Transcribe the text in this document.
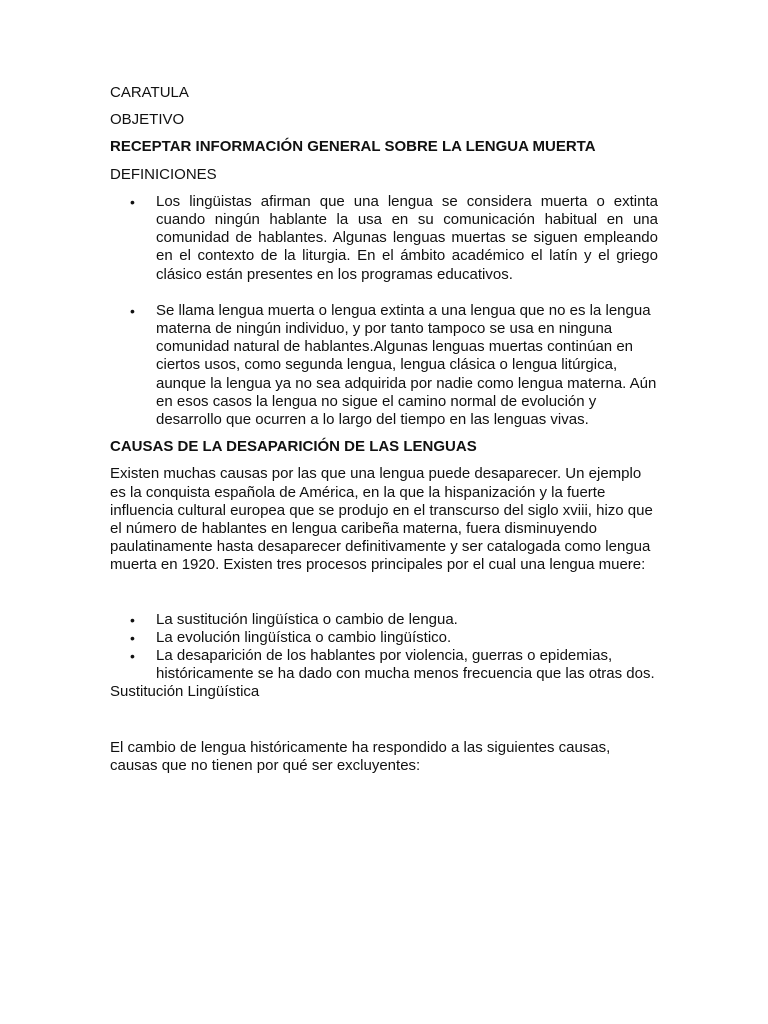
CARATULA

OBJETIVO

RECEPTAR INFORMACIÓN GENERAL SOBRE LA LENGUA MUERTA

DEFINICIONES

• Los lingüistas afirman que una lengua se considera muerta o extinta cuando ningún hablante la usa en su comunicación habitual en una comunidad de hablantes. Algunas lenguas muertas se siguen empleando en el contexto de la liturgia. En el ámbito académico el latín y el griego clásico están presentes en los programas educativos.
• Se llama lengua muerta o lengua extinta a una lengua que no es la lengua materna de ningún individuo, y por tanto tampoco se usa en ninguna comunidad natural de hablantes.Algunas lenguas muertas continúan en ciertos usos, como segunda lengua, lengua clásica o lengua litúrgica, aunque la lengua ya no sea adquirida por nadie como lengua materna. Aún en esos casos la lengua no sigue el camino normal de evolución y desarrollo que ocurren a lo largo del tiempo en las lenguas vivas.

CAUSAS DE LA DESAPARICIÓN DE LAS LENGUAS

Existen muchas causas por las que una lengua puede desaparecer. Un ejemplo es la conquista española de América, en la que la hispanización y la fuerte influencia cultural europea que se produjo en el transcurso del siglo xviii, hizo que el número de hablantes en lengua caribeña materna, fuera disminuyendo paulatinamente hasta desaparecer definitivamente y ser catalogada como lengua muerta en 1920. Existen tres procesos principales por el cual una lengua muere:

• La sustitución lingüística o cambio de lengua.
• La evolución lingüística o cambio lingüístico.
• La desaparición de los hablantes por violencia, guerras o epidemias, históricamente se ha dado con mucha menos frecuencia que las otras dos.

Sustitución Lingüística

El cambio de lengua históricamente ha respondido a las siguientes causas, causas que no tienen por qué ser excluyentes:
